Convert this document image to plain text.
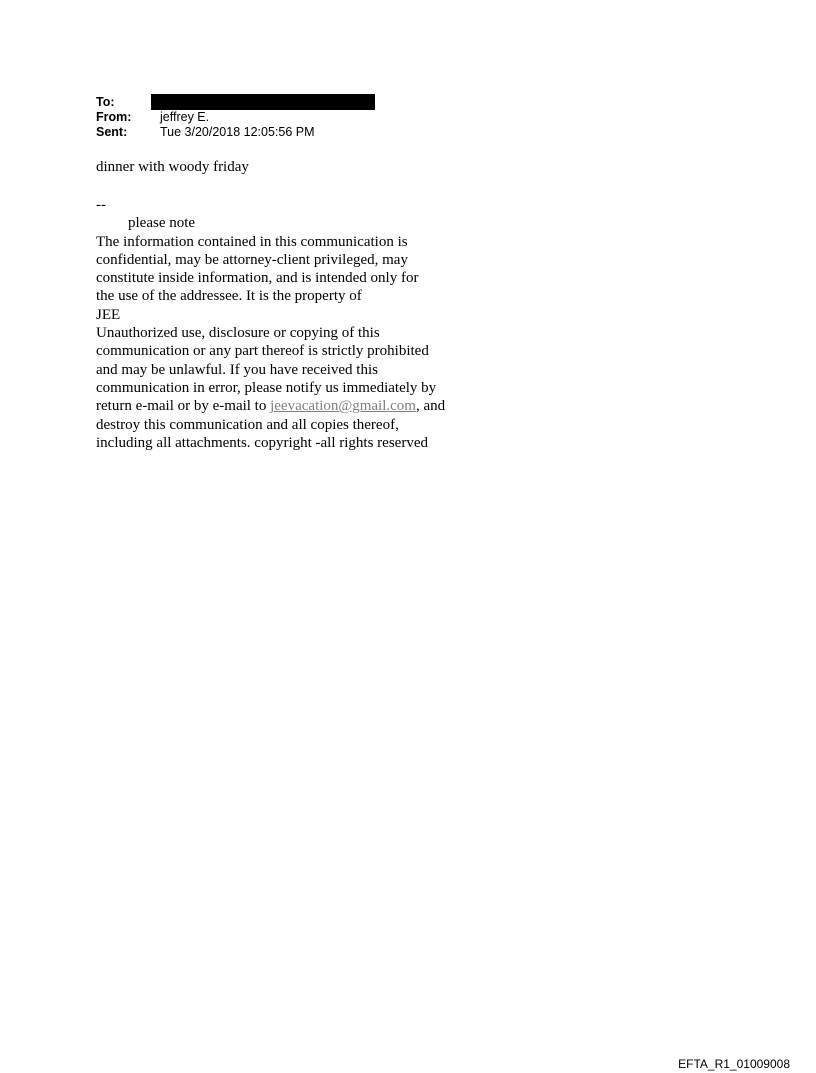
To:
From:	jeffrey E.
Sent:	Tue 3/20/2018 12:05:56 PM
dinner with woody friday

--

please note

The information contained in this communication is

confidential, may be attorney-client privileged, may

constitute inside information, and is intended only for

the use of the addressee. It is the property of

JEE

Unauthorized use, disclosure or copying of this

communication or any part thereof is strictly prohibited

and may be unlawful. If you have received this

communication in error, please notify us immediately by

return e-mail or by e-mail to jeevacation@gmail.com, and

destroy this communication and all copies thereof,

including all attachments. copyright -all rights reserved

EFTA_R1_01009008
